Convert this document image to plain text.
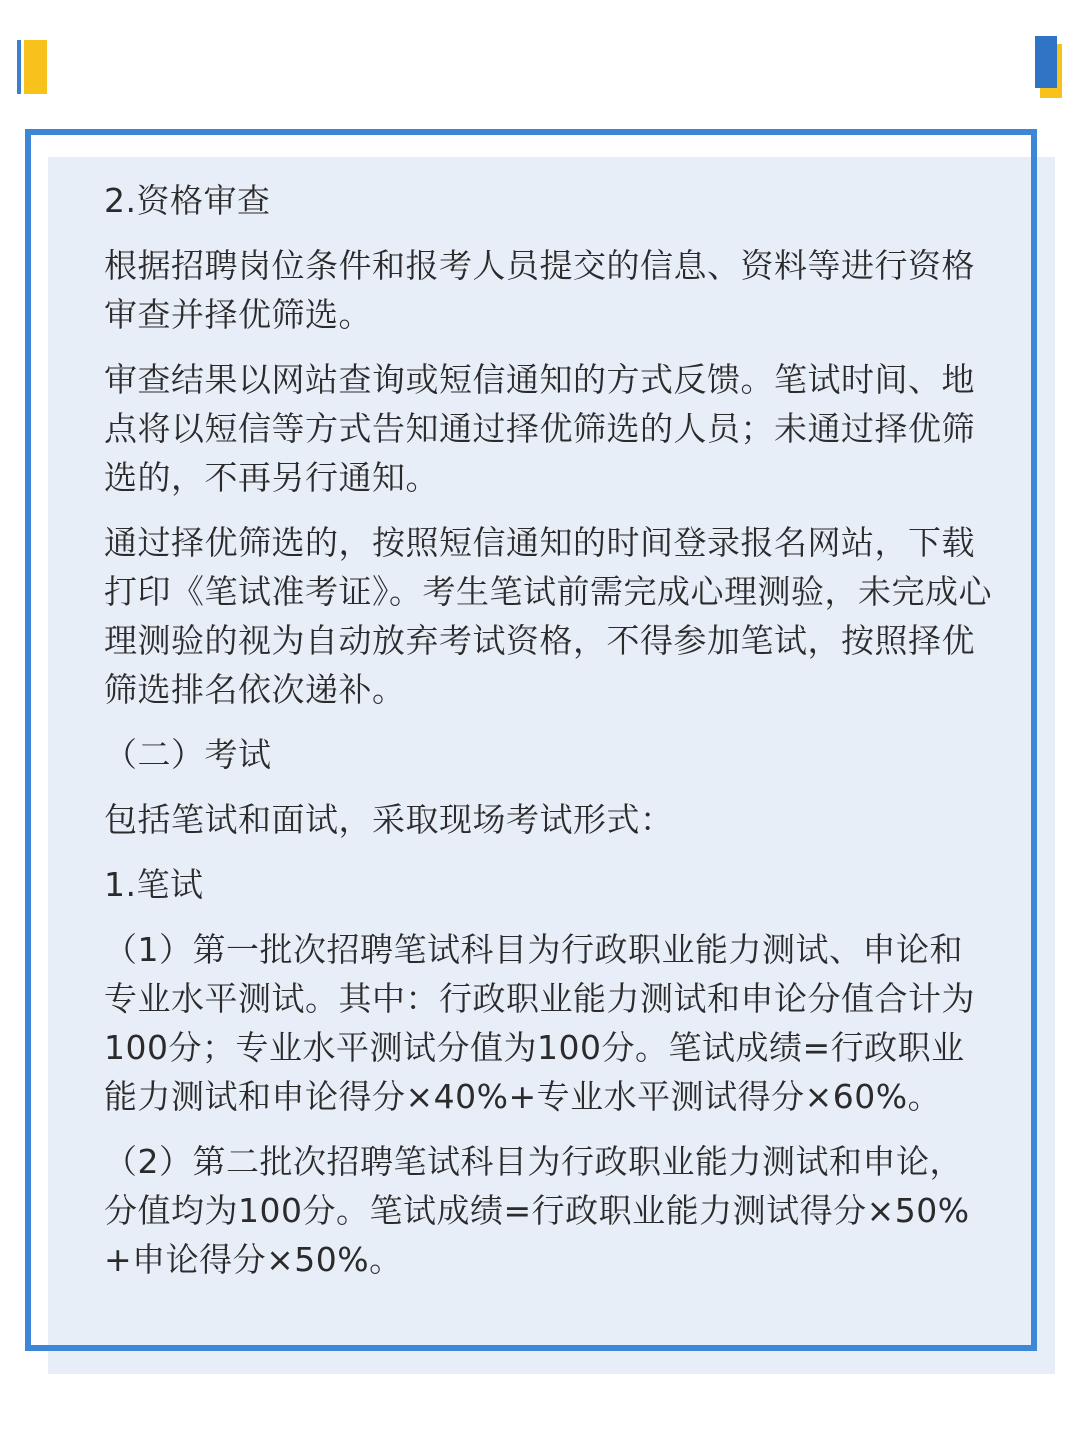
2.资格审查

根据招聘岗位条件和报考人员提交的信息、资料等进行资格审查并择优筛选。

审查结果以网站查询或短信通知的方式反馈。笔试时间、地点将以短信等方式告知通过择优筛选的人员；未通过择优筛选的，不再另行通知。

通过择优筛选的，按照短信通知的时间登录报名网站，下载打印《笔试准考证》。考生笔试前需完成心理测验，未完成心理测验的视为自动放弃考试资格，不得参加笔试，按照择优筛选排名依次递补。

（二）考试

包括笔试和面试，采取现场考试形式：

1.笔试

（1）第一批次招聘笔试科目为行政职业能力测试、申论和专业水平测试。其中：行政职业能力测试和申论分值合计为100分；专业水平测试分值为100分。笔试成绩=行政职业能力测试和申论得分×40%+专业水平测试得分×60%。

（2）第二批次招聘笔试科目为行政职业能力测试和申论，分值均为100分。笔试成绩=行政职业能力测试得分×50%+申论得分×50%。
